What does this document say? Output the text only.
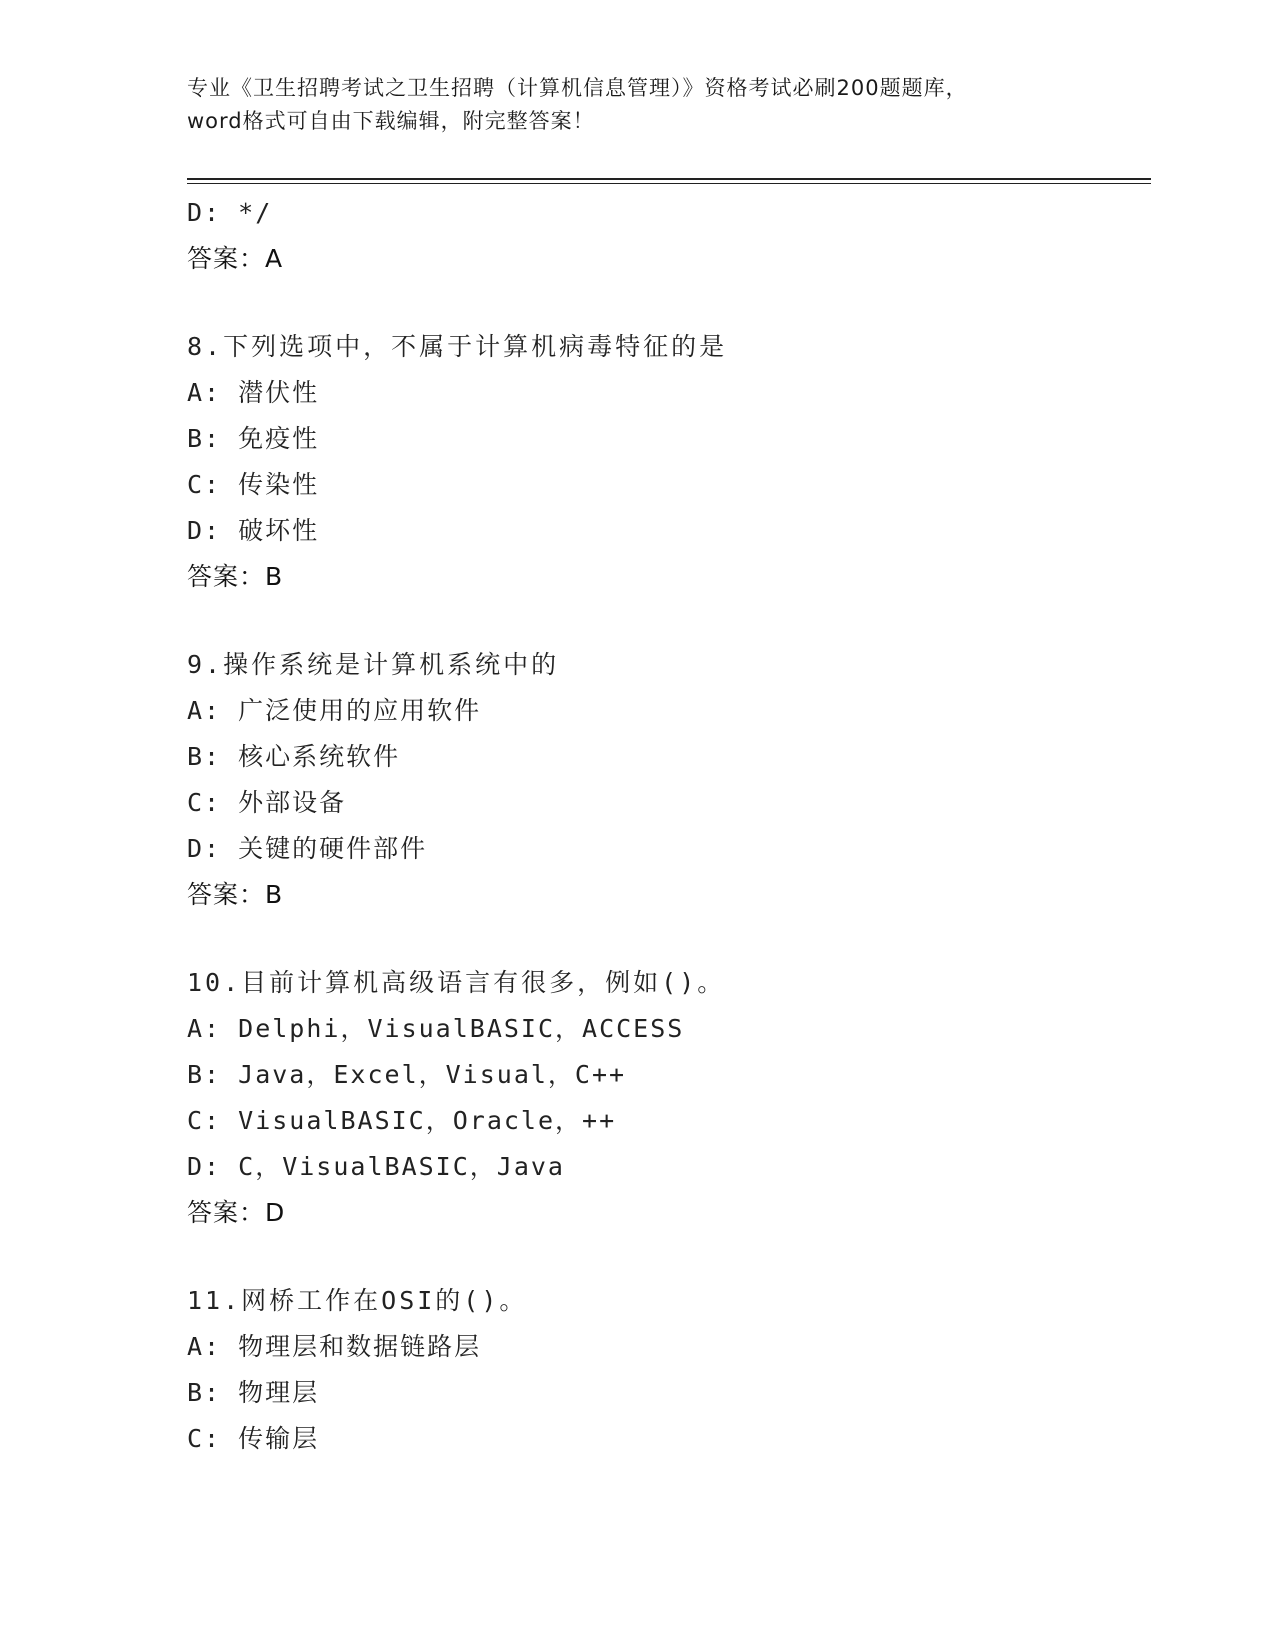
专业《卫生招聘考试之卫生招聘（计算机信息管理）》资格考试必刷200题题库，
word格式可自由下载编辑，附完整答案！
D: */
答案：A
8.下列选项中，不属于计算机病毒特征的是
A: 潜伏性
B: 免疫性
C: 传染性
D: 破坏性
答案：B
9.操作系统是计算机系统中的
A: 广泛使用的应用软件
B: 核心系统软件
C: 外部设备
D: 关键的硬件部件
答案：B
10.目前计算机高级语言有很多，例如()。
A: Delphi，VisualBASIC，ACCESS
B: Java，Excel，Visual，C++
C: VisualBASIC，Oracle，++
D: C，VisualBASIC，Java
答案：D
11.网桥工作在OSI的()。
A: 物理层和数据链路层
B: 物理层
C: 传输层
